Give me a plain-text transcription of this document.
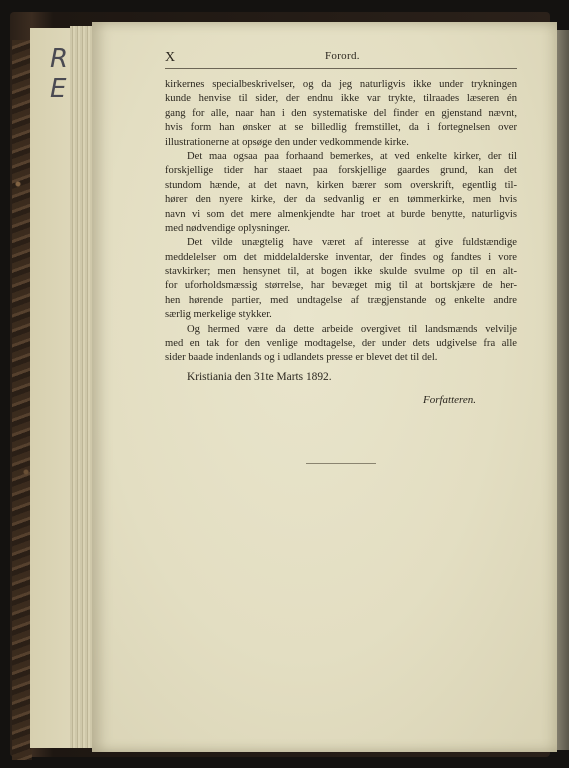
R
E
X	Forord.
kirkernes specialbeskrivelser, og da jeg naturligvis ikke under trykningen
kunde henvise til sider, der endnu ikke var trykte, tilraades læseren én
gang for alle, naar han i den systematiske del finder en gjenstand nævnt,
hvis form han ønsker at se billedlig fremstillet, da i fortegnelsen over
illustrationerne at opsøge den under vedkommende kirke.
Det maa ogsaa paa forhaand bemerkes, at ved enkelte kirker, der til
forskjellige tider har staaet paa forskjellige gaardes grund, kan det
stundom hænde, at det navn, kirken bærer som overskrift, egentlig til-
hører den nyere kirke, der da sedvanlig er en tømmerkirke, men hvis
navn vi som det mere almenkjendte har troet at burde benytte, naturligvis
med nødvendige oplysninger.
Det vilde unægtelig have været af interesse at give fuldstændige
meddelelser om det middelalderske inventar, der findes og fandtes i vore
stavkirker; men hensynet til, at bogen ikke skulde svulme op til en alt-
for uforholdsmæssig størrelse, har bevæget mig til at bortskjære de her-
hen hørende partier, med undtagelse af trægjenstande og enkelte andre
særlig merkelige stykker.
Og hermed være da dette arbeide overgivet til landsmænds velvilje
med en tak for den venlige modtagelse, der under dets udgivelse fra alle
sider baade indenlands og i udlandets presse er blevet det til del.
Kristiania den 31te Marts 1892.
Forfatteren.
